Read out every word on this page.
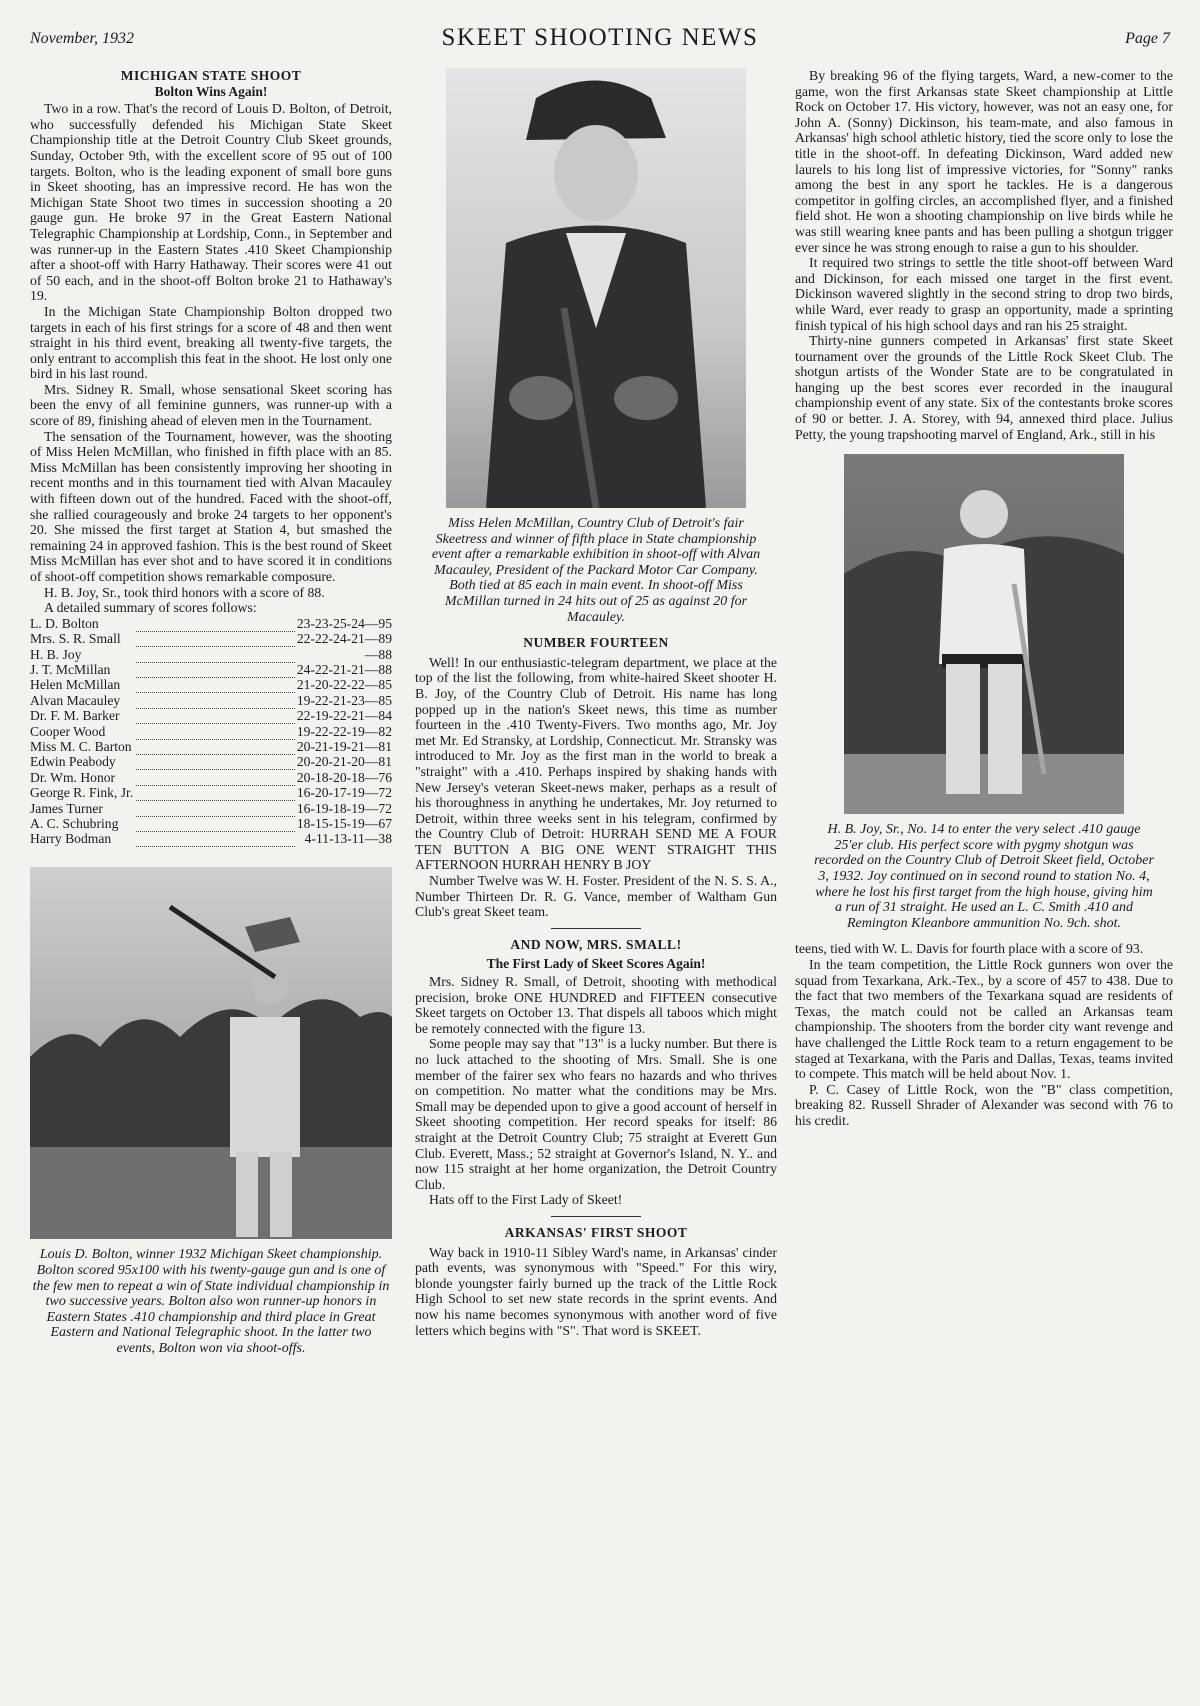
November, 1932	SKEET SHOOTING NEWS	Page 7
MICHIGAN STATE SHOOT
Bolton Wins Again!

Two in a row. That's the record of Louis D. Bolton, of Detroit, who successfully defended his Michigan State Skeet Championship title at the Detroit Country Club Skeet grounds, Sunday, October 9th, with the excellent score of 95 out of 100 targets. Bolton, who is the leading exponent of small bore guns in Skeet shooting, has an impressive record. He has won the Michigan State Shoot two times in succession shooting a 20 gauge gun. He broke 97 in the Great Eastern National Telegraphic Championship at Lordship, Conn., in September and was runner-up in the Eastern States .410 Skeet Championship after a shoot-off with Harry Hathaway. Their scores were 41 out of 50 each, and in the shoot-off Bolton broke 21 to Hathaway's 19.

In the Michigan State Championship Bolton dropped two targets in each of his first strings for a score of 48 and then went straight in his third event, breaking all twenty-five targets, the only entrant to accomplish this feat in the shoot. He lost only one bird in his last round.

Mrs. Sidney R. Small, whose sensational Skeet scoring has been the envy of all feminine gunners, was runner-up with a score of 89, finishing ahead of eleven men in the Tournament.

The sensation of the Tournament, however, was the shooting of Miss Helen McMillan, who finished in fifth place with an 85. Miss McMillan has been consistently improving her shooting in recent months and in this tournament tied with Alvan Macauley with fifteen down out of the hundred. Faced with the shoot-off, she rallied courageously and broke 24 targets to her opponent's 20. She missed the first target at Station 4, but smashed the remaining 24 in approved fashion. This is the best round of Skeet Miss McMillan has ever shot and to have scored it in conditions of shoot-off competition shows remarkable composure.

H. B. Joy, Sr., took third honors with a score of 88.

A detailed summary of scores follows:

L. D. Bolton		23-23-25-24—95
Mrs. S. R. Small		22-22-24-21—89
H. B. Joy		—88
J. T. McMillan		24-22-21-21—88
Helen McMillan		21-20-22-22—85
Alvan Macauley		19-22-21-23—85
Dr. F. M. Barker		22-19-22-21—84
Cooper Wood		19-22-22-19—82
Miss M. C. Barton		20-21-19-21—81
Edwin Peabody		20-20-21-20—81
Dr. Wm. Honor		20-18-20-18—76
George R. Fink, Jr.		16-20-17-19—72
James Turner		16-19-18-19—72
A. C. Schubring		18-15-15-19—67
Harry Bodman		4-11-13-11—38
Louis D. Bolton, winner 1932 Michigan Skeet championship. Bolton scored 95x100 with his twenty-gauge gun and is one of the few men to repeat a win of State individual championship in two successive years. Bolton also won runner-up honors in Eastern States .410 championship and third place in Great Eastern and National Telegraphic shoot. In the latter two events, Bolton won via shoot-offs.
Miss Helen McMillan, Country Club of Detroit's fair Skeetress and winner of fifth place in State championship event after a remarkable exhibition in shoot-off with Alvan Macauley, President of the Packard Motor Car Company. Both tied at 85 each in main event. In shoot-off Miss McMillan turned in 24 hits out of 25 as against 20 for Macauley.
NUMBER FOURTEEN

Well! In our enthusiastic-telegram department, we place at the top of the list the following, from white-haired Skeet shooter H. B. Joy, of the Country Club of Detroit. His name has long popped up in the nation's Skeet news, this time as number fourteen in the .410 Twenty-Fivers. Two months ago, Mr. Joy met Mr. Ed Stransky, at Lordship, Connecticut. Mr. Stransky was introduced to Mr. Joy as the first man in the world to break a "straight" with a .410. Perhaps inspired by shaking hands with New Jersey's veteran Skeet-news maker, perhaps as a result of his thoroughness in anything he undertakes, Mr. Joy returned to Detroit, within three weeks sent in his telegram, confirmed by the Country Club of Detroit: HURRAH SEND ME A FOUR TEN BUTTON A BIG ONE WENT STRAIGHT THIS AFTERNOON HURRAH HENRY B JOY

Number Twelve was W. H. Foster. President of the N. S. S. A., Number Thirteen Dr. R. G. Vance, member of Waltham Gun Club's great Skeet team.

AND NOW, MRS. SMALL!
The First Lady of Skeet Scores Again!

Mrs. Sidney R. Small, of Detroit, shooting with methodical precision, broke ONE HUNDRED and FIFTEEN consecutive Skeet targets on October 13. That dispels all taboos which might be remotely connected with the figure 13.

Some people may say that "13" is a lucky number. But there is no luck attached to the shooting of Mrs. Small. She is one member of the fairer sex who fears no hazards and who thrives on competition. No matter what the conditions may be Mrs. Small may be depended upon to give a good account of herself in Skeet shooting competition. Her record speaks for itself: 86 straight at the Detroit Country Club; 75 straight at Everett Gun Club. Everett, Mass.; 52 straight at Governor's Island, N. Y.. and now 115 straight at her home organization, the Detroit Country Club.

Hats off to the First Lady of Skeet!

ARKANSAS' FIRST SHOOT

Way back in 1910-11 Sibley Ward's name, in Arkansas' cinder path events, was synonymous with "Speed." For this wiry, blonde youngster fairly burned up the track of the Little Rock High School to set new state records in the sprint events. And now his name becomes synonymous with another word of five letters which begins with "S". That word is SKEET.

By breaking 96 of the flying targets, Ward, a new-comer to the game, won the first Arkansas state Skeet championship at Little Rock on October 17. His victory, however, was not an easy one, for John A. (Sonny) Dickinson, his team-mate, and also famous in Arkansas' high school athletic history, tied the score only to lose the title in the shoot-off. In defeating Dickinson, Ward added new laurels to his long list of impressive victories, for "Sonny" ranks among the best in any sport he tackles. He is a dangerous competitor in golfing circles, an accomplished flyer, and a finished field shot. He won a shooting championship on live birds while he was still wearing knee pants and has been pulling a shotgun trigger ever since he was strong enough to raise a gun to his shoulder.

It required two strings to settle the title shoot-off between Ward and Dickinson, for each missed one target in the first event. Dickinson wavered slightly in the second string to drop two birds, while Ward, ever ready to grasp an opportunity, made a sprinting finish typical of his high school days and ran his 25 straight.

Thirty-nine gunners competed in Arkansas' first state Skeet tournament over the grounds of the Little Rock Skeet Club. The shotgun artists of the Wonder State are to be congratulated in hanging up the best scores ever recorded in the inaugural championship event of any state. Six of the contestants broke scores of 90 or better. J. A. Storey, with 94, annexed third place. Julius Petty, the young trapshooting marvel of England, Ark., still in his

H. B. Joy, Sr., No. 14 to enter the very select .410 gauge 25'er club. His perfect score with pygmy shotgun was recorded on the Country Club of Detroit Skeet field, October 3, 1932. Joy continued on in second round to station No. 4, where he lost his first target from the high house, giving him a run of 31 straight. He used an L. C. Smith .410 and Remington Kleanbore ammunition No. 9ch. shot.

teens, tied with W. L. Davis for fourth place with a score of 93.

In the team competition, the Little Rock gunners won over the squad from Texarkana, Ark.-Tex., by a score of 457 to 438. Due to the fact that two members of the Texarkana squad are residents of Texas, the match could not be called an Arkansas team championship. The shooters from the border city want revenge and have challenged the Little Rock team to a return engagement to be staged at Texarkana, with the Paris and Dallas, Texas, teams invited to compete. This match will be held about Nov. 1.

P. C. Casey of Little Rock, won the "B" class competition, breaking 82. Russell Shrader of Alexander was second with 76 to his credit.
